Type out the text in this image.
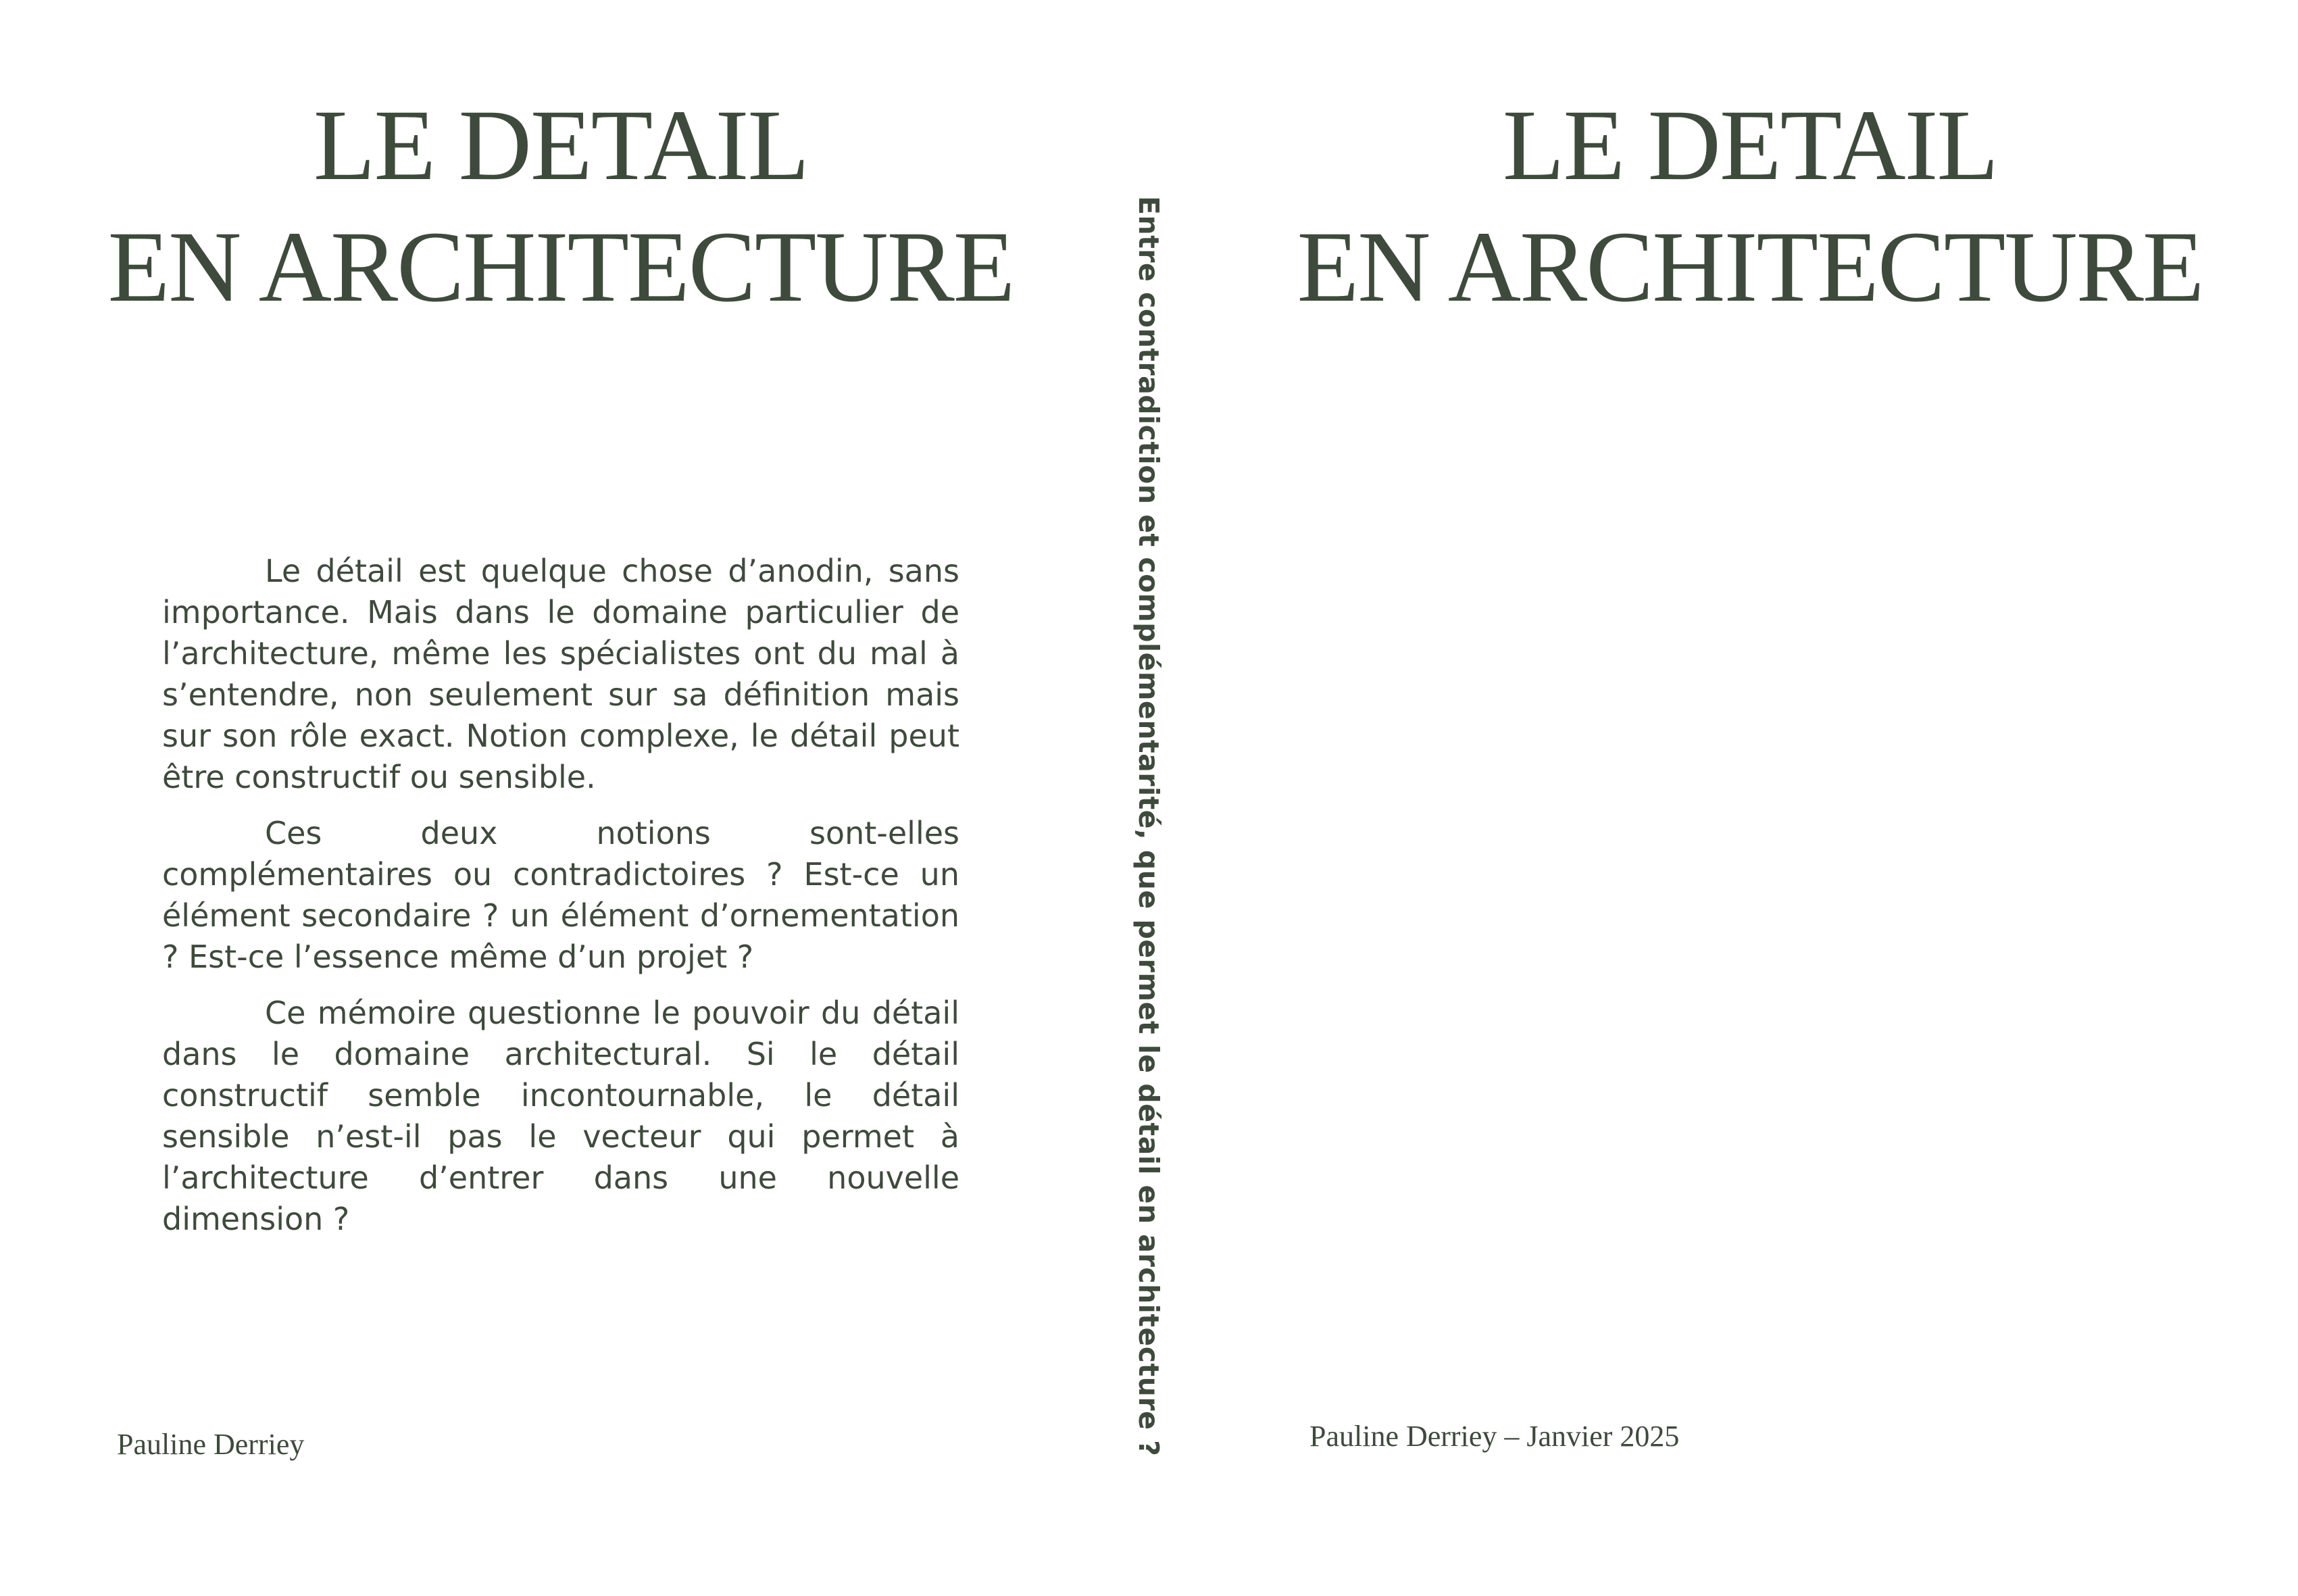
LE DETAIL
EN ARCHITECTURE

Le détail est quelque chose d’anodin, sans importance. Mais dans le domaine particulier de l’architecture, même les spécialistes ont du mal à s’entendre, non seulement sur sa définition mais sur son rôle exact. Notion complexe, le détail peut être constructif ou sensible.

Ces deux notions sont-elles complémentaires ou contradictoires ? Est-ce un élément secondaire ? un élément d’ornementation ? Est-ce l’essence même d’un projet ?

Ce mémoire questionne le pouvoir du détail dans le domaine architectural. Si le détail constructif semble incontournable, le détail sensible n’est-il pas le vecteur qui permet à l’architecture d’entrer dans une nouvelle dimension ?

Pauline Derriey	Entre contradiction et complémentarité, que permet le détail en architecture ?
LE DETAIL
EN ARCHITECTURE
Pauline Derriey – Janvier 2025
